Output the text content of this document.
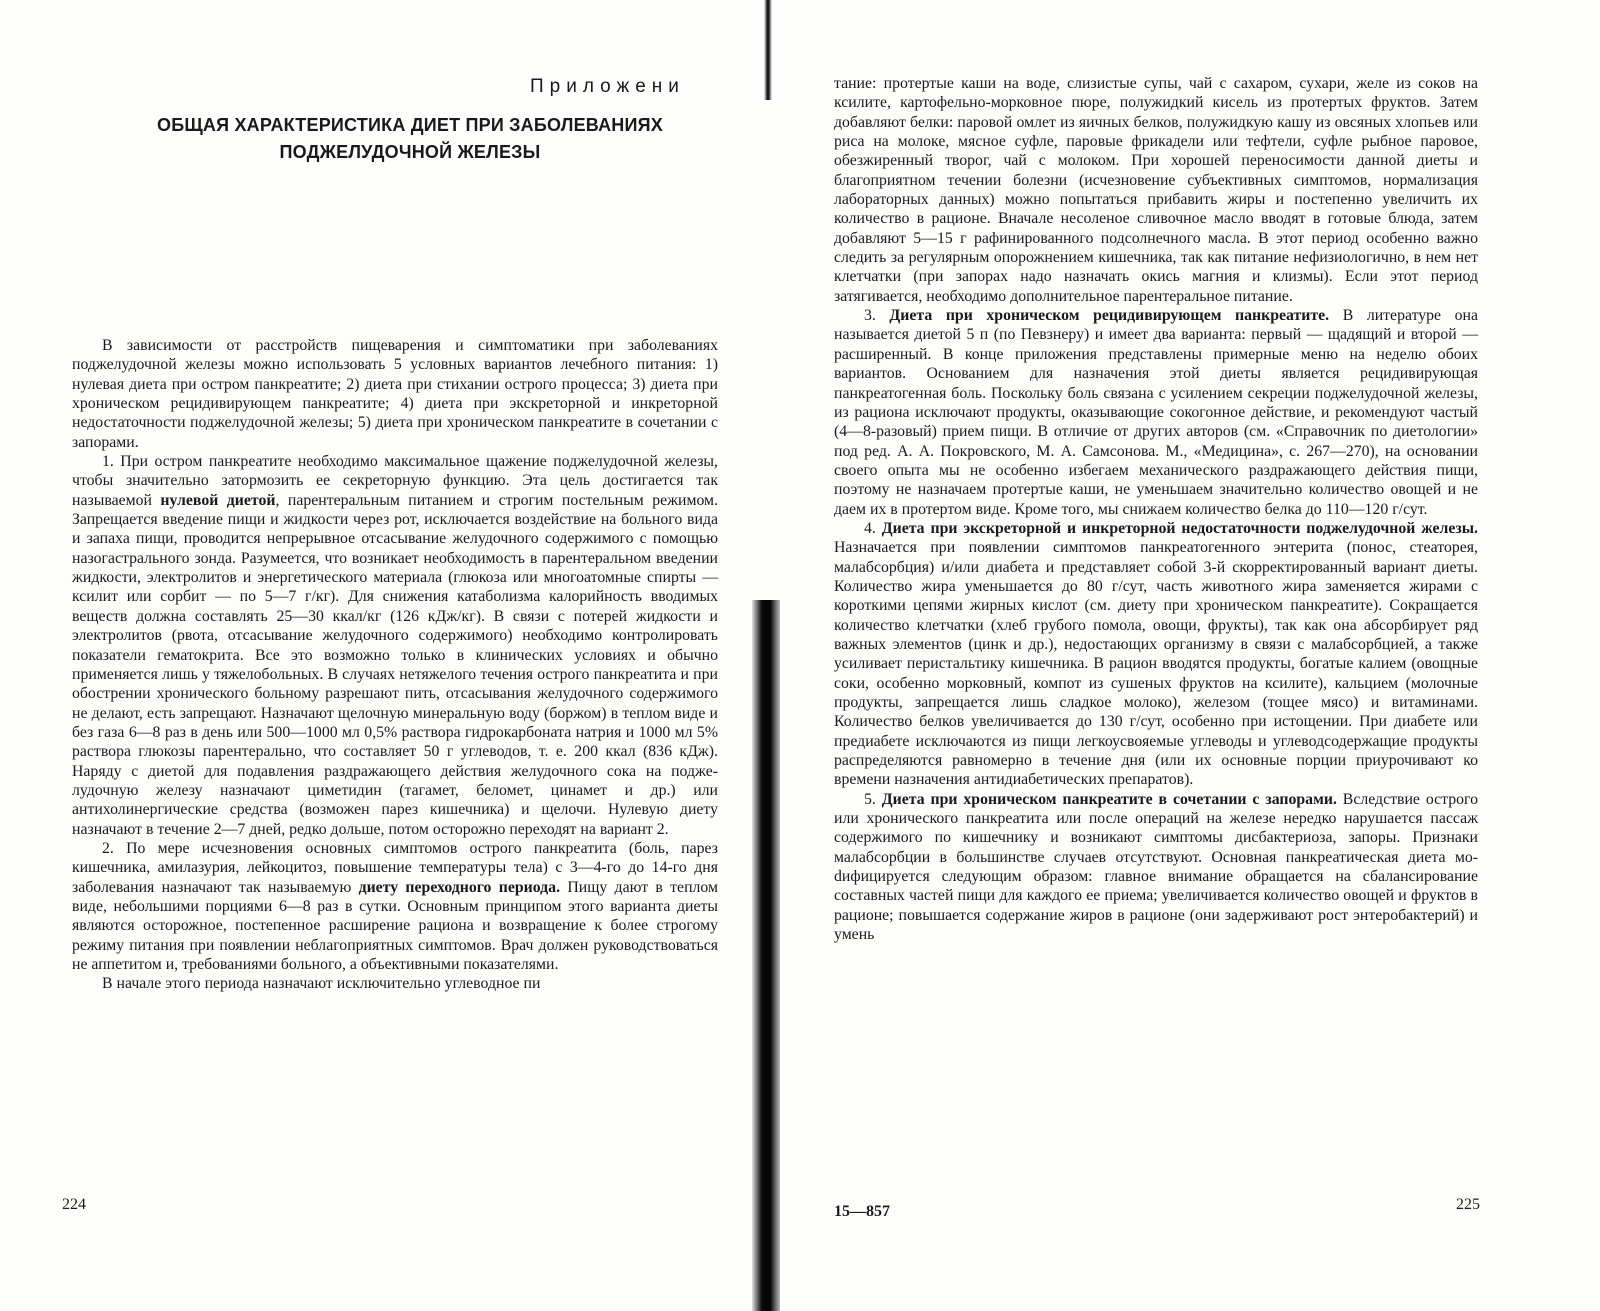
Приложени
ОБЩАЯ ХАРАКТЕРИСТИКА ДИЕТ ПРИ ЗАБОЛЕВАНИЯХ
ПОДЖЕЛУДОЧНОЙ ЖЕЛЕЗЫ

В зависимости от расстройств пищеварения и симптоматики при заболеваниях поджелудочной железы можно использовать 5 условных вариантов лечебного питания: 1) нулевая диета при остром панкреатите; 2) диета при стихании острого процесса; 3) диета при хроническом рецидивирующем панкреатите; 4) диета при экскреторной и инкреторной недостаточности поджелудочной железы; 5) диета при хроническом панкреатите в сочетании с запорами.

1. При остром панкреатите необходимо максимальное щажение поджелудочной железы, чтобы значительно затормозить ее секреторную функцию. Эта цель достигается так называемой нулевой диетой, парентеральным питанием и строгим постельным режимом. Запрещается введение пищи и жидкости через рот, исключается воздействие на больного вида и запаха пищи, проводится непрерывное отсасывание желудочного содержимого с помощью назогастрального зонда. Разумеется, что возникает необходимость в парентеральном введении жидкости, электролитов и энергетического материала (глюкоза или многоатомные спирты — ксилит или сорбит — по 5—7 г/кг). Для снижения катаболизма калорийность вводимых веществ должна составлять 25—30 ккал/кг (126 кДж/кг). В связи с потерей жидкости и электролитов (рвота, отсасывание желудочного содержимого) необходимо контролировать показатели гематокрита. Все это возможно только в клинических условиях и обычно применяется лишь у тяжелобольных. В случаях нетяжелого течения острого панкреатита и при обострении хронического больному разрешают пить, отсасывания желудочного содержимого не делают, есть запрещают. Назначают щелочную минеральную воду (боржом) в теплом виде и без газа 6—8 раз в день или 500—1000 мл 0,5% раствора гидрокарбоната натрия и 1000 мл 5% раствора глюкозы парентерально, что составляет 50 г углеводов, т. е. 200 ккал (836 кДж). Наряду с диетой для подавления раздражающего действия желудочного сока на поджелудочную железу назначают циметидин (тагамет, беломет, цинамет и др.) или антихолинергические средства (возможен парез кишечника) и щелочи. Нулевую диету назначают в течение 2—7 дней, редко дольше, потом осторожно переходят на вариант 2.

2. По мере исчезновения основных симптомов острого панкреатита (боль, парез кишечника, амилазурия, лейкоцитоз, повышение температуры тела) с 3—4-го до 14-го дня заболевания назначают так называемую диету переходного периода. Пищу дают в теплом виде, небольшими порциями 6—8 раз в сутки. Основным принципом этого варианта диеты являются осторожное, постепенное расширение рациона и возвращение к более строгому режиму питания при появлении неблагоприятных симптомов. Врач должен руководствоваться не аппетитом и, требованиями больного, а объективными показателями.

В начале этого периода назначают исключительно углеводное пи

224

тание: протертые каши на воде, слизистые супы, чай с сахаром, сухари, желе из соков на ксилите, картофельно-морковное пюре, полужидкий кисель из протертых фруктов. Затем добавляют белки: паровой омлет из яичных белков, полужидкую кашу из овсяных хлопьев или риса на молоке, мясное суфле, паровые фрикадели или тефтели, суфле рыбное паровое, обезжиренный творог, чай с молоком. При хорошей переносимости данной диеты и благоприятном течении болезни (исчезновение субъективных симптомов, нормализация лабораторных данных) можно попытаться прибавить жиры и постепенно увеличить их количество в рационе. Вначале несоленое сливочное масло вводят в готовые блюда, затем добавляют 5—15 г рафинированного подсолнечного масла. В этот период особенно важно следить за регулярным опорожнением кишечника, так как питание нефизиологично, в нем нет клетчатки (при запорах надо назначать окись магния и клизмы). Если этот период затягивается, необходимо дополнительное парентеральное питание.

3. Диета при хроническом рецидивирующем панкреатите. В литературе она называется диетой 5 п (по Певзнеру) и имеет два варианта: первый — щадящий и второй — расширенный. В конце приложения представлены примерные меню на неделю обоих вариантов. Основанием для назначения этой диеты является рецидивирующая панкреатогенная боль. Поскольку боль связана с усилением секреции поджелудочной железы, из рациона исключают продукты, оказывающие сокогонное действие, и рекомендуют частый (4—8-разовый) прием пищи. В отличие от других авторов (см. «Справочник по диетологии» под ред. А. А. Покровского, М. А. Самсонова. М., «Медицина», с. 267—270), на основании своего опыта мы не особенно избегаем механического раздражающего действия пищи, поэтому не назначаем протертые каши, не уменьшаем значительно количество овощей и не даем их в протертом виде. Кроме того, мы снижаем количество белка до 110—120 г/сут.

4. Диета при экскреторной и инкреторной недостаточности поджелудочной железы. Назначается при появлении симптомов панкреатогенного энтерита (понос, стеаторея, малабсорбция) и/или диабета и представляет собой 3-й скорректированный вариант диеты. Количество жира уменьшается до 80 г/сут, часть животного жира заменяется жирами с короткими цепями жирных кислот (см. диету при хроническом панкреатите). Сокращается количество клетчатки (хлеб грубого помола, овощи, фрукты), так как она абсорбирует ряд важных элементов (цинк и др.), недостающих организму в связи с малабсорбцией, а также усиливает перистальтику кишечника. В рацион вводятся продукты, богатые калием (овощные соки, особенно морковный, компот из сушеных фруктов на ксилите), кальцием (молочные продукты, запрещается лишь сладкое молоко), железом (тощее мясо) и витаминами. Количество белков увеличивается до 130 г/сут, особенно при истощении. При диабете или предиабете исключаются из пищи легкоусвояемые углеводы и углеводсодержащие продукты распределяются равномерно в течение дня (или их основные порции приурочивают ко времени назначения антидиабетических препаратов).

5. Диета при хроническом панкреатите в сочетании с запорами. Вследствие острого или хронического панкреатита или после операций на железе нередко нарушается пассаж содержимого по кишечнику и возникают симптомы дисбактериоза, запоры. Признаки малабсорбции в большинстве случаев отсутствуют. Основная панкреатическая диета моdифицируется следующим образом: главное внимание обращается на сбалансирование составных частей пищи для каждого ее приема; увеличивается количество овощей и фруктов в рационе; повышается содержание жиров в рационе (они задерживают рост энтеробактерий) и умень

15—857	225
